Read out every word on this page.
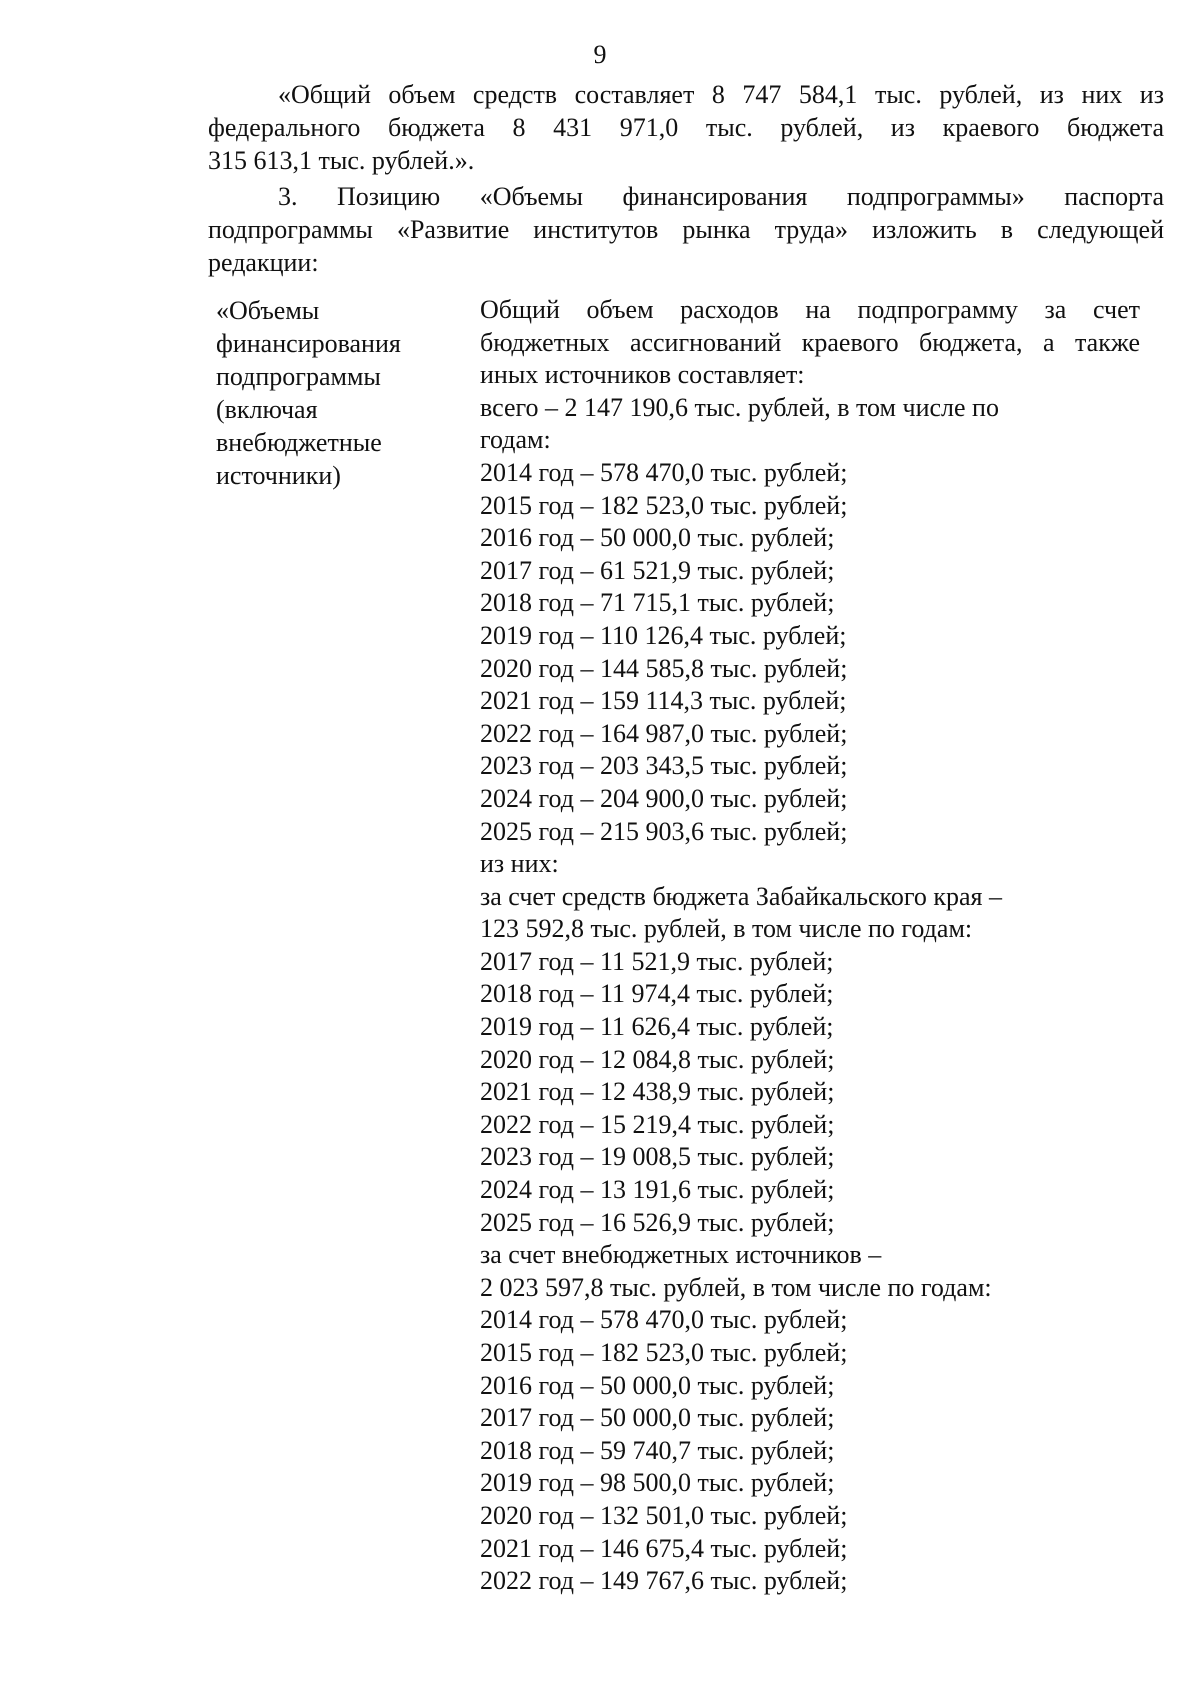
9
«Общий объем средств составляет 8 747 584,1 тыс. рублей, из них из
федерального бюджета 8 431 971,0 тыс. рублей, из краевого бюджета
315 613,1 тыс. рублей.».
3. Позицию «Объемы финансирования подпрограммы» паспорта
подпрограммы «Развитие институтов рынка труда» изложить в следующей
редакции:
«Объемы
финансирования
подпрограммы
(включая
внебюджетные
источники)
Общий объем расходов на подпрограмму за счет
бюджетных ассигнований краевого бюджета, а также
иных источников составляет:
всего – 2 147 190,6 тыс. рублей, в том числе по
годам:
2014 год – 578 470,0 тыс. рублей;
2015 год – 182 523,0 тыс. рублей;
2016 год – 50 000,0 тыс. рублей;
2017 год – 61 521,9 тыс. рублей;
2018 год – 71 715,1 тыс. рублей;
2019 год – 110 126,4 тыс. рублей;
2020 год – 144 585,8 тыс. рублей;
2021 год – 159 114,3 тыс. рублей;
2022 год – 164 987,0 тыс. рублей;
2023 год – 203 343,5 тыс. рублей;
2024 год – 204 900,0 тыс. рублей;
2025 год – 215 903,6 тыс. рублей;
из них:
за счет средств бюджета Забайкальского края –
123 592,8 тыс. рублей, в том числе по годам:
2017 год – 11 521,9 тыс. рублей;
2018 год – 11 974,4 тыс. рублей;
2019 год – 11 626,4 тыс. рублей;
2020 год – 12 084,8 тыс. рублей;
2021 год – 12 438,9 тыс. рублей;
2022 год – 15 219,4 тыс. рублей;
2023 год – 19 008,5 тыс. рублей;
2024 год – 13 191,6 тыс. рублей;
2025 год – 16 526,9 тыс. рублей;
за счет внебюджетных источников –
2 023 597,8 тыс. рублей, в том числе по годам:
2014 год – 578 470,0 тыс. рублей;
2015 год – 182 523,0 тыс. рублей;
2016 год – 50 000,0 тыс. рублей;
2017 год – 50 000,0 тыс. рублей;
2018 год – 59 740,7 тыс. рублей;
2019 год – 98 500,0 тыс. рублей;
2020 год – 132 501,0 тыс. рублей;
2021 год – 146 675,4 тыс. рублей;
2022 год – 149 767,6 тыс. рублей;
